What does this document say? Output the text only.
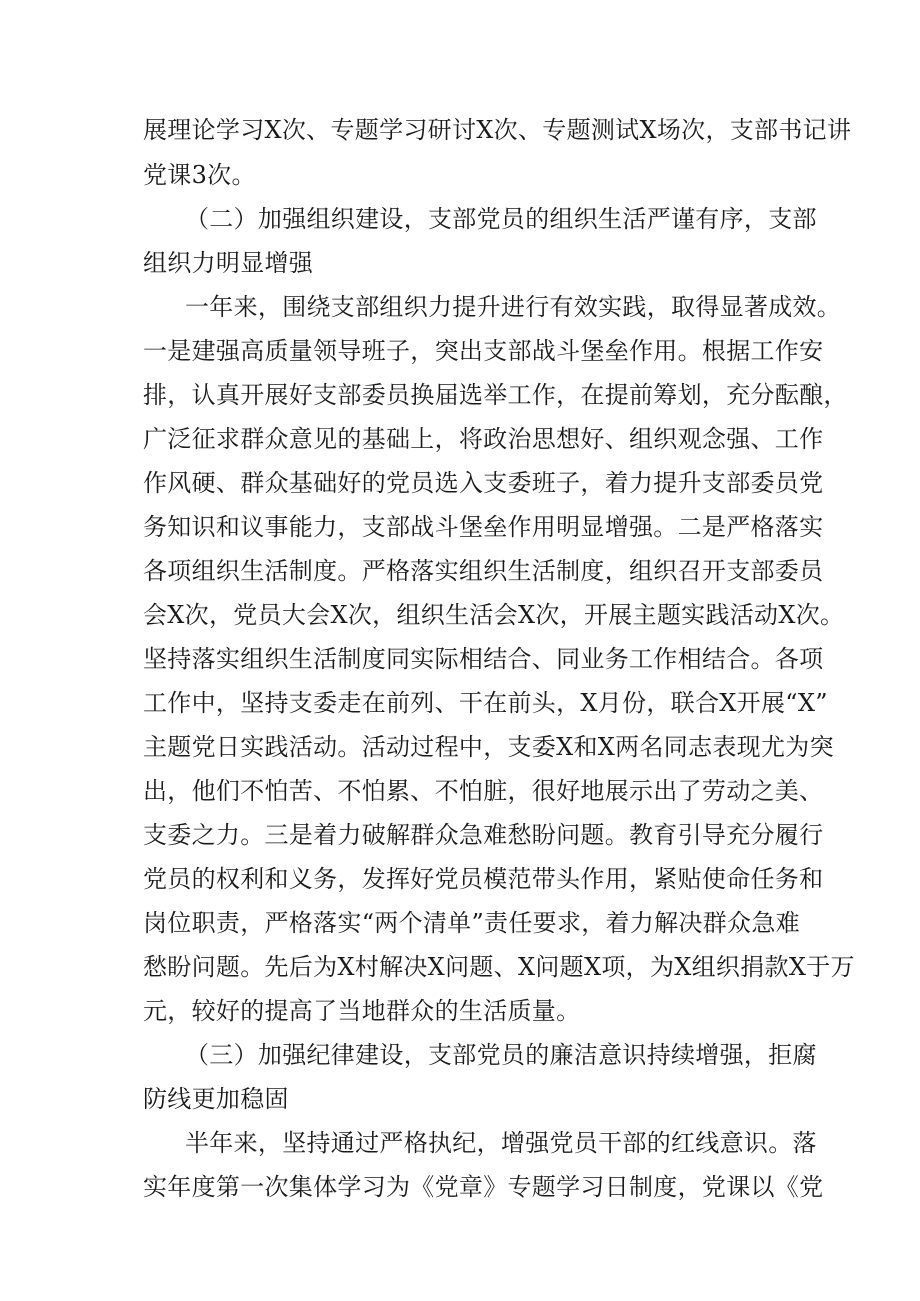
展理论学习X次、专题学习研讨X次、专题测试X场次，支部书记讲
党课3次。
（二）加强组织建设，支部党员的组织生活严谨有序，支部
组织力明显增强
一年来，围绕支部组织力提升进行有效实践，取得显著成效。
一是建强高质量领导班子，突出支部战斗堡垒作用。根据工作安
排，认真开展好支部委员换届选举工作，在提前筹划，充分酝酿，
广泛征求群众意见的基础上，将政治思想好、组织观念强、工作
作风硬、群众基础好的党员选入支委班子，着力提升支部委员党
务知识和议事能力，支部战斗堡垒作用明显增强。二是严格落实
各项组织生活制度。严格落实组织生活制度，组织召开支部委员
会X次，党员大会X次，组织生活会X次，开展主题实践活动X次。
坚持落实组织生活制度同实际相结合、同业务工作相结合。各项
工作中，坚持支委走在前列、干在前头，X月份，联合X开展“X”
主题党日实践活动。活动过程中，支委X和X两名同志表现尤为突
出，他们不怕苦、不怕累、不怕脏，很好地展示出了劳动之美、
支委之力。三是着力破解群众急难愁盼问题。教育引导充分履行
党员的权利和义务，发挥好党员模范带头作用，紧贴使命任务和
岗位职责，严格落实“两个清单”责任要求，着力解决群众急难
愁盼问题。先后为X村解决X问题、X问题X项，为X组织捐款X于万
元，较好的提高了当地群众的生活质量。
（三）加强纪律建设，支部党员的廉洁意识持续增强，拒腐
防线更加稳固
半年来，坚持通过严格执纪，增强党员干部的红线意识。落
实年度第一次集体学习为《党章》专题学习日制度，党课以《党
